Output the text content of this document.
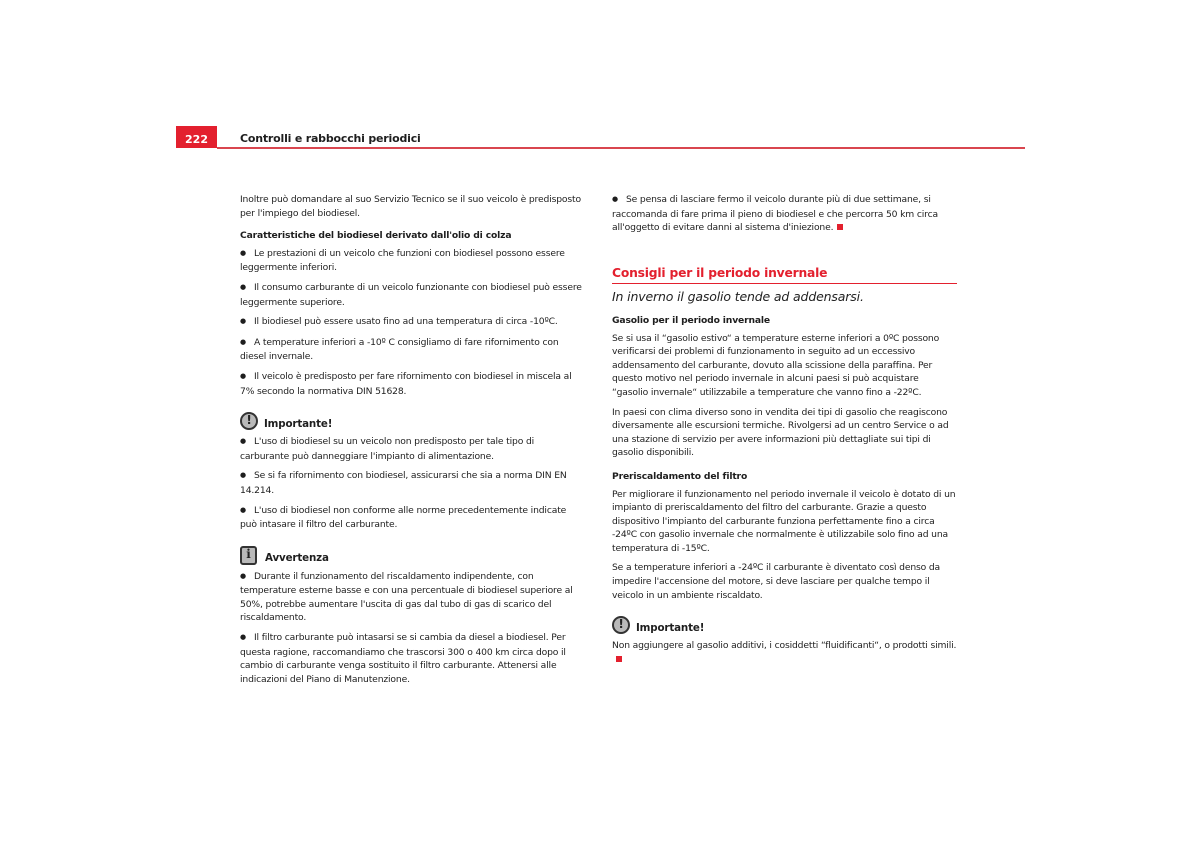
222	Controlli e rabbocchi periodici

Inoltre può domandare al suo Servizio Tecnico se il suo veicolo è predisposto per l'impiego del biodiesel.

Caratteristiche del biodiesel derivato dall'olio di colza

● Le prestazioni di un veicolo che funzioni con biodiesel possono essere leggermente inferiori.

● Il consumo carburante di un veicolo funzionante con biodiesel può essere leggermente superiore.

● Il biodiesel può essere usato fino ad una temperatura di circa -10ºC.

● A temperature inferiori a -10º C consigliamo di fare rifornimento con diesel invernale.

● Il veicolo è predisposto per fare rifornimento con biodiesel in miscela al 7% secondo la normativa DIN 51628.

!	Importante!

● L'uso di biodiesel su un veicolo non predisposto per tale tipo di carburante può danneggiare l'impianto di alimentazione.

● Se si fa rifornimento con biodiesel, assicurarsi che sia a norma DIN EN 14.214.

● L'uso di biodiesel non conforme alle norme precedentemente indicate può intasare il filtro del carburante.

i	Avvertenza

● Durante il funzionamento del riscaldamento indipendente, con temperature esterne basse e con una percentuale di biodiesel superiore al 50%, potrebbe aumentare l'uscita di gas dal tubo di gas di scarico del riscaldamento.

● Il filtro carburante può intasarsi se si cambia da diesel a biodiesel. Per questa ragione, raccomandiamo che trascorsi 300 o 400 km circa dopo il cambio di carburante venga sostituito il filtro carburante. Attenersi alle indicazioni del Piano di Manutenzione.

● Se pensa di lasciare fermo il veicolo durante più di due settimane, si raccomanda di fare prima il pieno di biodiesel e che percorra 50 km circa all'oggetto di evitare danni al sistema d'iniezione.

Consigli per il periodo invernale
In inverno il gasolio tende ad addensarsi.

Gasolio per il periodo invernale

Se si usa il “gasolio estivo“ a temperature esterne inferiori a 0ºC possono verificarsi dei problemi di funzionamento in seguito ad un eccessivo addensamento del carburante, dovuto alla scissione della paraffina. Per questo motivo nel periodo invernale in alcuni paesi si può acquistare “gasolio invernale“ utilizzabile a temperature che vanno fino a -22ºC.

In paesi con clima diverso sono in vendita dei tipi di gasolio che reagiscono diversamente alle escursioni termiche. Rivolgersi ad un centro Service o ad una stazione di servizio per avere informazioni più dettagliate sui tipi di gasolio disponibili.

Preriscaldamento del filtro

Per migliorare il funzionamento nel periodo invernale il veicolo è dotato di un impianto di preriscaldamento del filtro del carburante. Grazie a questo dispositivo l'impianto del carburante funziona perfettamente fino a circa -24ºC con gasolio invernale che normalmente è utilizzabile solo fino ad una temperatura di -15ºC.

Se a temperature inferiori a -24ºC il carburante è diventato così denso da impedire l'accensione del motore, si deve lasciare per qualche tempo il veicolo in un ambiente riscaldato.

!	Importante!

Non aggiungere al gasolio additivi, i cosiddetti “fluidificanti“, o prodotti simili.
